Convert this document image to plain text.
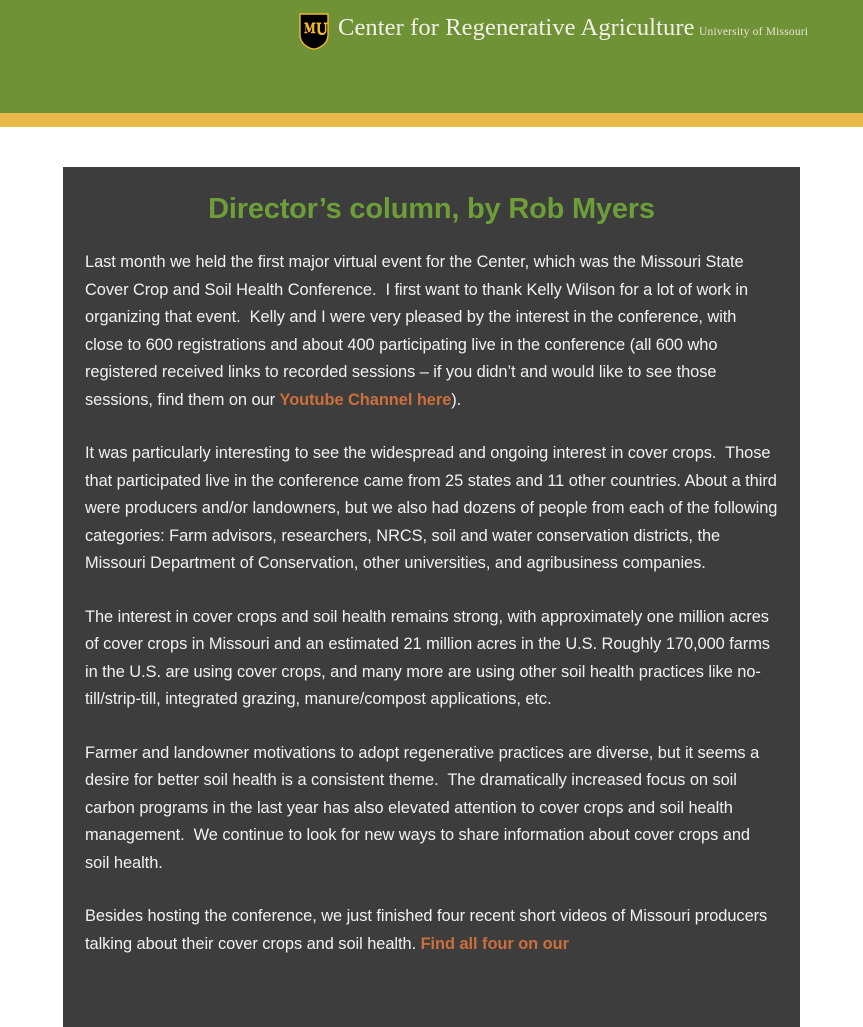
Center for Regenerative Agriculture University of Missouri
Director’s column, by Rob Myers

Last month we held the first major virtual event for the Center, which was the Missouri State Cover Crop and Soil Health Conference.  I first want to thank Kelly Wilson for a lot of work in organizing that event.  Kelly and I were very pleased by the interest in the conference, with close to 600 registrations and about 400 participating live in the conference (all 600 who registered received links to recorded sessions – if you didn’t and would like to see those sessions, find them on our Youtube Channel here).

It was particularly interesting to see the widespread and ongoing interest in cover crops.  Those that participated live in the conference came from 25 states and 11 other countries. About a third were producers and/or landowners, but we also had dozens of people from each of the following categories: Farm advisors, researchers, NRCS, soil and water conservation districts, the Missouri Department of Conservation, other universities, and agribusiness companies.

The interest in cover crops and soil health remains strong, with approximately one million acres of cover crops in Missouri and an estimated 21 million acres in the U.S. Roughly 170,000 farms in the U.S. are using cover crops, and many more are using other soil health practices like no-till/strip-till, integrated grazing, manure/compost applications, etc.

Farmer and landowner motivations to adopt regenerative practices are diverse, but it seems a desire for better soil health is a consistent theme.  The dramatically increased focus on soil carbon programs in the last year has also elevated attention to cover crops and soil health management.  We continue to look for new ways to share information about cover crops and soil health.

Besides hosting the conference, we just finished four recent short videos of Missouri producers talking about their cover crops and soil health. Find all four on our
